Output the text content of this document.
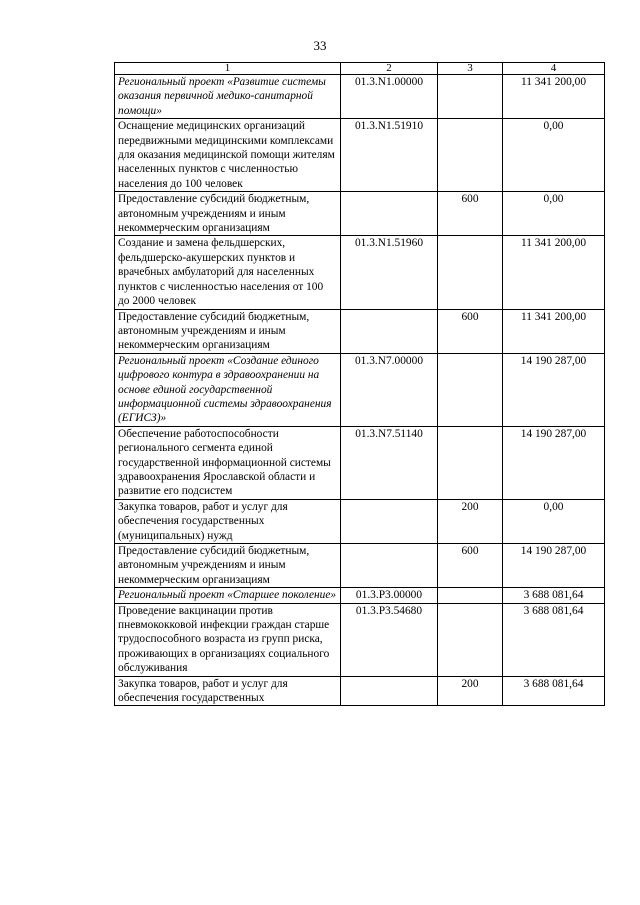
33
1	2	3	4
Региональный проект «Развитие системы оказания первичной медико-санитарной помощи»	01.3.N1.00000		11 341 200,00
Оснащение медицинских организаций передвижными медицинскими комплексами для оказания медицинской помощи жителям населенных пунктов с численностью населения до 100 человек	01.3.N1.51910		0,00
Предоставление субсидий бюджетным, автономным учреждениям и иным некоммерческим организациям		600	0,00
Создание и замена фельдшерских, фельдшерско-акушерских пунктов и врачебных амбулаторий для населенных пунктов с численностью населения от 100 до 2000 человек	01.3.N1.51960		11 341 200,00
Предоставление субсидий бюджетным, автономным учреждениям и иным некоммерческим организациям		600	11 341 200,00
Региональный проект «Создание единого цифрового контура в здравоохранении на основе единой государственной информационной системы здравоохранения (ЕГИСЗ)»	01.3.N7.00000		14 190 287,00
Обеспечение работоспособности регионального сегмента единой государственной информационной системы здравоохранения Ярославской области и развитие его подсистем	01.3.N7.51140		14 190 287,00
Закупка товаров, работ и услуг для обеспечения государственных (муниципальных) нужд		200	0,00
Предоставление субсидий бюджетным, автономным учреждениям и иным некоммерческим организациям		600	14 190 287,00
Региональный проект «Старшее поколение»	01.3.P3.00000		3 688 081,64
Проведение вакцинации против пневмококковой инфекции граждан старше трудоспособного возраста из групп риска, проживающих в организациях социального обслуживания	01.3.P3.54680		3 688 081,64
Закупка товаров, работ и услуг для обеспечения государственных		200	3 688 081,64
